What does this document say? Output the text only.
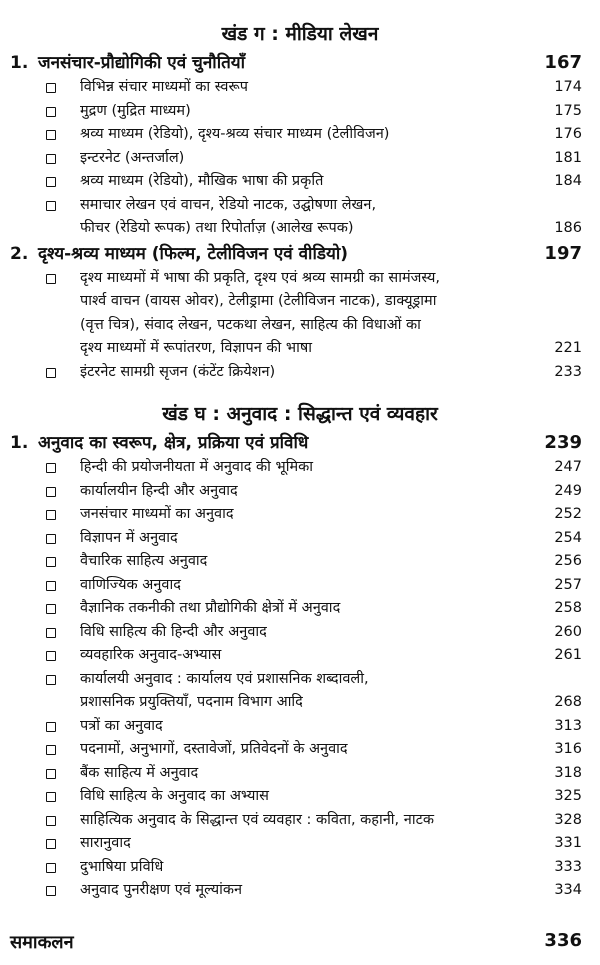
खंड ग : मीडिया लेखन
1. जनसंचार-प्रौद्योगिकी एवं चुनौतियाँ	167
विभिन्न संचार माध्यमों का स्वरूप	174
मुद्रण (मुद्रित माध्यम)	175
श्रव्य माध्यम (रेडियो), दृश्य-श्रव्य संचार माध्यम (टेलीविजन)	176
इन्टरनेट (अन्तर्जाल)	181
श्रव्य माध्यम (रेडियो), मौखिक भाषा की प्रकृति	184
समाचार लेखन एवं वाचन, रेडियो नाटक, उद्घोषणा लेखन,
फीचर (रेडियो रूपक) तथा रिपोर्ताज़ (आलेख रूपक)	186
2. दृश्य-श्रव्य माध्यम (फिल्म, टेलीविजन एवं वीडियो)	197
दृश्य माध्यमों में भाषा की प्रकृति, दृश्य एवं श्रव्य सामग्री का सामंजस्य,
पार्श्व वाचन (वायस ओवर), टेलीड्रामा (टेलीविजन नाटक), डाक्यूड्रामा
(वृत्त चित्र), संवाद लेखन, पटकथा लेखन, साहित्य की विधाओं का
दृश्य माध्यमों में रूपांतरण, विज्ञापन की भाषा	221
इंटरनेट सामग्री सृजन (कंटेंट क्रियेशन)	233
खंड घ : अनुवाद : सिद्धान्त एवं व्यवहार
1. अनुवाद का स्वरूप, क्षेत्र, प्रक्रिया एवं प्रविधि	239
हिन्दी की प्रयोजनीयता में अनुवाद की भूमिका	247
कार्यालयीन हिन्दी और अनुवाद	249
जनसंचार माध्यमों का अनुवाद	252
विज्ञापन में अनुवाद	254
वैचारिक साहित्य अनुवाद	256
वाणिज्यिक अनुवाद	257
वैज्ञानिक तकनीकी तथा प्रौद्योगिकी क्षेत्रों में अनुवाद	258
विधि साहित्य की हिन्दी और अनुवाद	260
व्यवहारिक अनुवाद-अभ्यास	261
कार्यालयी अनुवाद : कार्यालय एवं प्रशासनिक शब्दावली,
प्रशासनिक प्रयुक्तियाँ, पदनाम विभाग आदि	268
पत्रों का अनुवाद	313
पदनामों, अनुभागों, दस्तावेजों, प्रतिवेदनों के अनुवाद	316
बैंक साहित्य में अनुवाद	318
विधि साहित्य के अनुवाद का अभ्यास	325
साहित्यिक अनुवाद के सिद्धान्त एवं व्यवहार : कविता, कहानी, नाटक	328
सारानुवाद	331
दुभाषिया प्रविधि	333
अनुवाद पुनरीक्षण एवं मूल्यांकन	334
समाकलन	336
